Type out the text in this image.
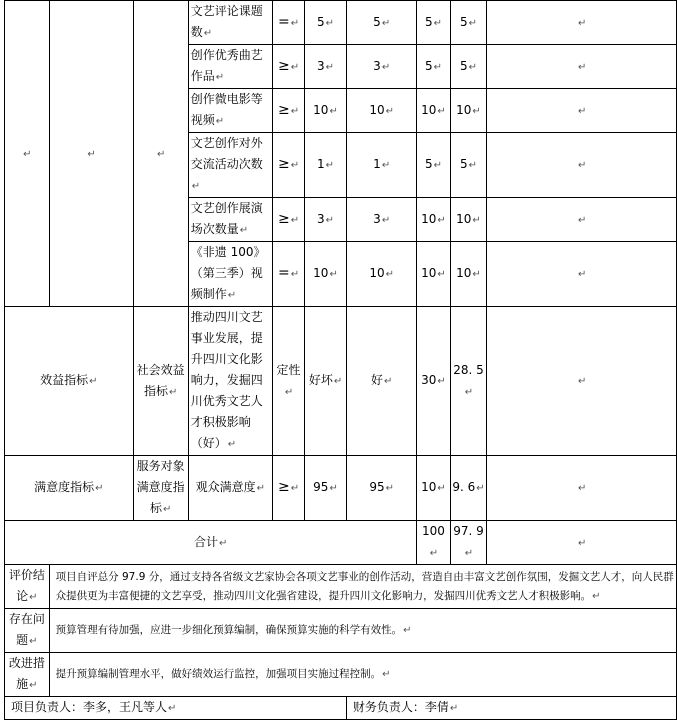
↵	↵	↵	文艺评论课题数↵	=↵	5↵	5↵	5↵	5↵	↵
			创作优秀曲艺作品↵	≥↵	3↵	3↵	5↵	5↵	↵
			创作微电影等视频↵	≥↵	10↵	10↵	10↵	10↵	↵
			文艺创作对外交流活动次数↵	≥↵	1↵	1↵	5↵	5↵	↵
			文艺创作展演场次数量↵	≥↵	3↵	3↵	10↵	10↵	↵
			《非遗 100》（第三季）视频制作↵	=↵	10↵	10↵	10↵	10↵	↵
效益指标↵		社会效益指标↵	推动四川文艺事业发展，提升四川文化影响力，发掘四川优秀文艺人才积极影响（好）↵	定性↵	好坏↵	好↵	30↵	28. 5↵	↵
满意度指标↵		服务对象满意度指标↵	观众满意度↵	≥↵	95↵	95↵	10↵	9. 6↵	↵
合计↵							100↵	97. 9↵	↵
评价结论↵	项目自评总分 97.9 分，通过支持各省级文艺家协会各项文艺事业的创作活动，营造自由丰富文艺创作氛围，发掘文艺人才，向人民群众提供更为丰富便捷的文艺享受，推动四川文化强省建设，提升四川文化影响力，发掘四川优秀文艺人才积极影响。↵								
存在问题↵	预算管理有待加强，应进一步细化预算编制，确保预算实施的科学有效性。↵								
改进措施↵	提升预算编制管理水平，做好绩效运行监控，加强项目实施过程控制。↵								
项目负责人：李多，王凡等人↵						财务负责人：李倩↵			
